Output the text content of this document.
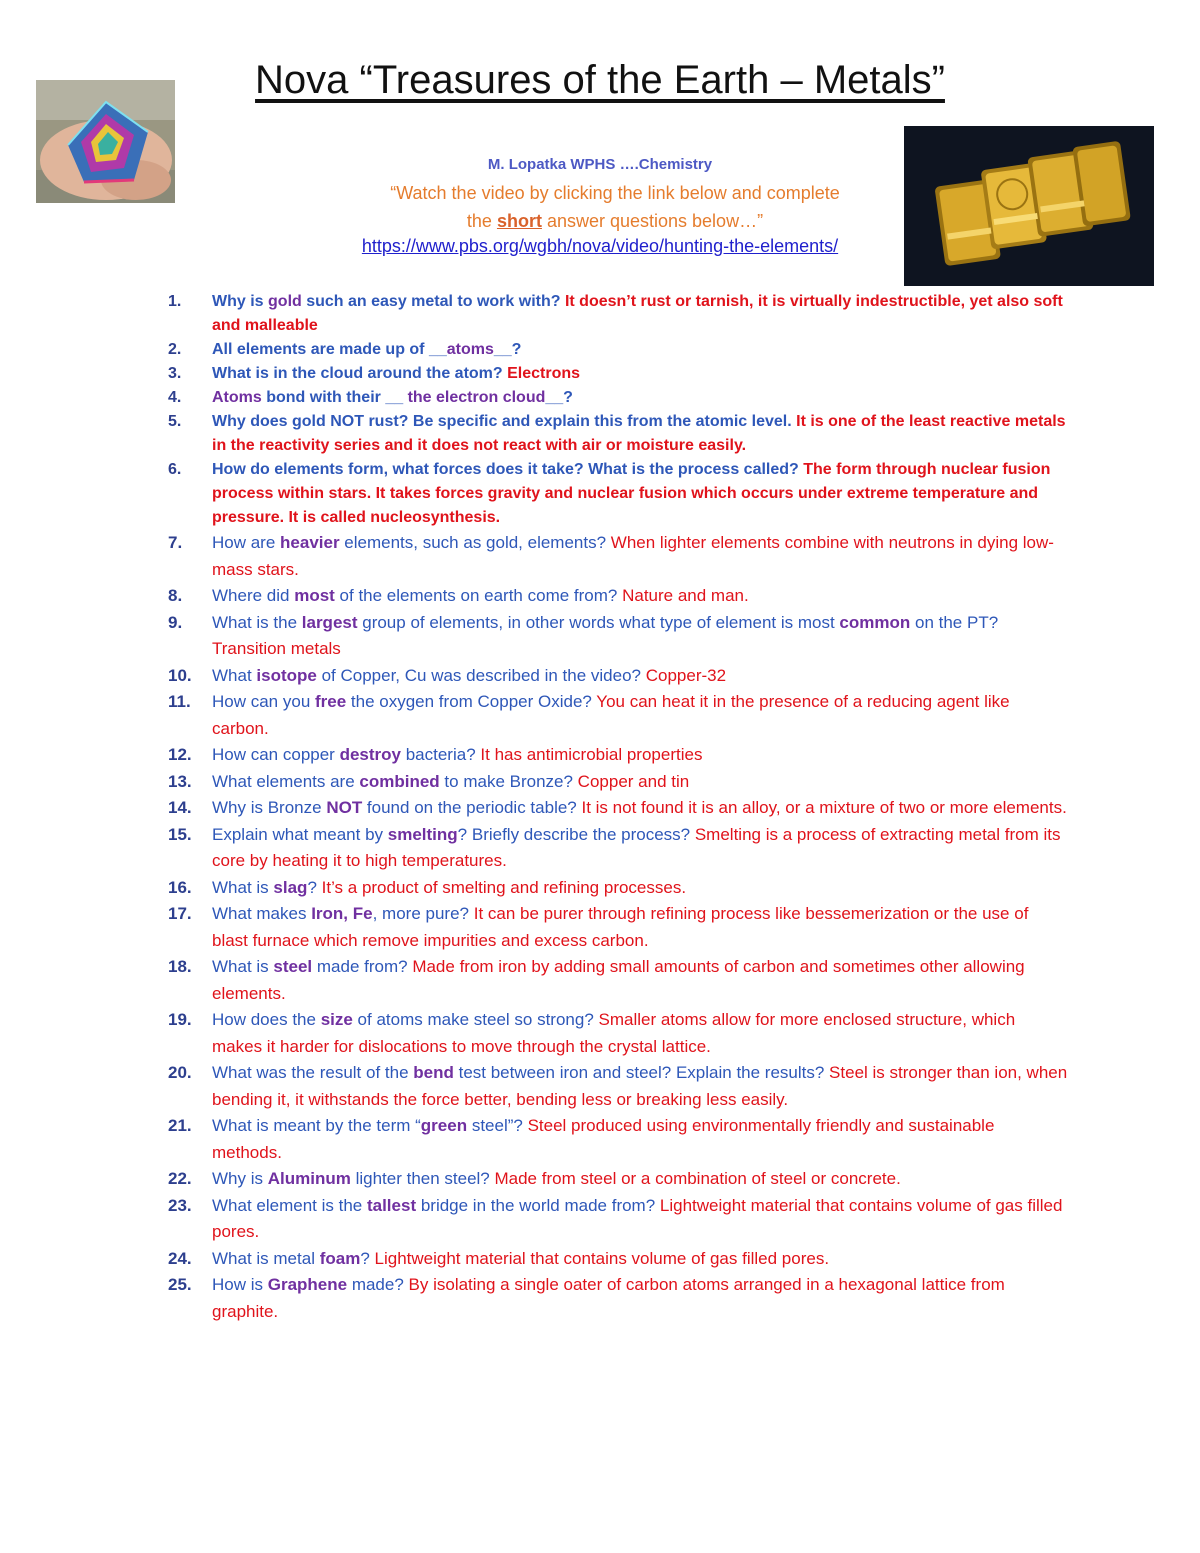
Nova “Treasures of the Earth – Metals”
M. Lopatka WPHS ….Chemistry
“Watch the video by clicking the link below and complete the short answer questions below…”
https://www.pbs.org/wgbh/nova/video/hunting-the-elements/
1. Why is gold such an easy metal to work with? It doesn’t rust or tarnish, it is virtually indestructible, yet also soft and malleable
2. All elements are made up of __atoms__?
3. What is in the cloud around the atom? Electrons
4. Atoms bond with their __ the electron cloud__?
5. Why does gold NOT rust? Be specific and explain this from the atomic level. It is one of the least reactive metals in the reactivity series and it does not react with air or moisture easily.
6. How do elements form, what forces does it take? What is the process called? The form through nuclear fusion process within stars. It takes forces gravity and nuclear fusion which occurs under extreme temperature and pressure. It is called nucleosynthesis.
7. How are heavier elements, such as gold, elements? When lighter elements combine with neutrons in dying low-mass stars.
8. Where did most of the elements on earth come from? Nature and man.
9. What is the largest group of elements, in other words what type of element is most common on the PT? Transition metals
10. What isotope of Copper, Cu was described in the video? Copper-32
11. How can you free the oxygen from Copper Oxide? You can heat it in the presence of a reducing agent like carbon.
12. How can copper destroy bacteria? It has antimicrobial properties
13. What elements are combined to make Bronze? Copper and tin
14. Why is Bronze NOT found on the periodic table? It is not found it is an alloy, or a mixture of two or more elements.
15. Explain what meant by smelting? Briefly describe the process? Smelting is a process of extracting metal from its core by heating it to high temperatures.
16. What is slag? It’s a product of smelting and refining processes.
17. What makes Iron, Fe, more pure? It can be purer through refining process like bessemerization or the use of blast furnace which remove impurities and excess carbon.
18. What is steel made from? Made from iron by adding small amounts of carbon and sometimes other allowing elements.
19. How does the size of atoms make steel so strong? Smaller atoms allow for more enclosed structure, which makes it harder for dislocations to move through the crystal lattice.
20. What was the result of the bend test between iron and steel? Explain the results? Steel is stronger than ion, when bending it, it withstands the force better, bending less or breaking less easily.
21. What is meant by the term “green steel”? Steel produced using environmentally friendly and sustainable methods.
22. Why is Aluminum lighter then steel? Made from steel or a combination of steel or concrete.
23. What element is the tallest bridge in the world made from? Lightweight material that contains volume of gas filled pores.
24. What is metal foam? Lightweight material that contains volume of gas filled pores.
25. How is Graphene made? By isolating a single oater of carbon atoms arranged in a hexagonal lattice from graphite.
